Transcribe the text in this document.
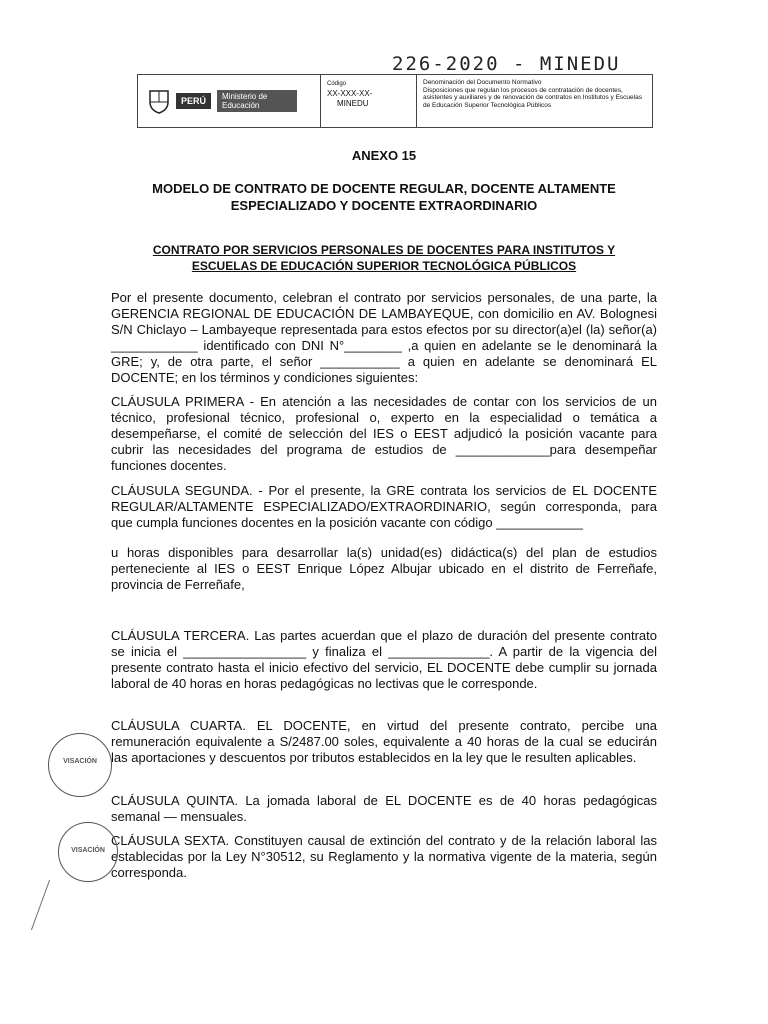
226-2020 - MINEDU
PERÚ	Ministerio de Educación
Código
XX-XXX-XX-
MINEDU
Denominación del Documento Normativo
Disposiciones que regulan los procesos de contratación de docentes, asistentes y auxiliares y de renovación de contratos en Institutos y Escuelas de Educación Superior Tecnológica Públicos
ANEXO 15
MODELO DE CONTRATO DE DOCENTE REGULAR, DOCENTE ALTAMENTE ESPECIALIZADO Y DOCENTE EXTRAORDINARIO
CONTRATO POR SERVICIOS PERSONALES DE DOCENTES PARA INSTITUTOS Y ESCUELAS DE EDUCACIÓN SUPERIOR TECNOLÓGICA PÚBLICOS
Por el presente documento, celebran el contrato por servicios personales, de una parte, la GERENCIA REGIONAL DE EDUCACIÓN DE LAMBAYEQUE, con domicilio en AV. Bolognesi S/N Chiclayo – Lambayeque representada para estos efectos por su director(a)el (la) señor(a) ____________ identificado con DNI N°________ ,a quien en adelante se le denominará la GRE; y, de otra parte, el señor ___________ a quien en adelante se denominará EL DOCENTE; en los términos y condiciones siguientes:
CLÁUSULA PRIMERA - En atención a las necesidades de contar con los servicios de un técnico, profesional técnico, profesional o, experto en la especialidad o temática a desempeñarse, el comité de selección del IES o EEST adjudicó la posición vacante para cubrir las necesidades del programa de estudios de _____________para desempeñar funciones docentes.
CLÁUSULA SEGUNDA. - Por el presente, la GRE contrata los servicios de EL DOCENTE REGULAR/ALTAMENTE ESPECIALIZADO/EXTRAORDINARIO, según corresponda, para que cumpla funciones docentes en la posición vacante con código ____________
u horas disponibles para desarrollar la(s) unidad(es) didáctica(s) del plan de estudios perteneciente al IES o EEST Enrique López Albujar ubicado en el distrito de Ferreñafe, provincia de Ferreñafe,
CLÁUSULA TERCERA. Las partes acuerdan que el plazo de duración del presente contrato se inicia el _________________ y finaliza el ______________. A partir de la vigencia del presente contrato hasta el inicio efectivo del servicio, EL DOCENTE debe cumplir su jornada laboral de 40 horas en horas pedagógicas no lectivas que le corresponde.
CLÁUSULA CUARTA. EL DOCENTE, en virtud del presente contrato, percibe una remuneración equivalente a S/2487.00 soles, equivalente a 40 horas de la cual se educirán las aportaciones y descuentos por tributos establecidos en la ley que le resulten aplicables.
CLÁUSULA QUINTA. La jomada laboral de EL DOCENTE es de 40 horas pedagógicas semanal — mensuales.
CLÁUSULA SEXTA. Constituyen causal de extinción del contrato y de la relación laboral las establecidas por la Ley N°30512, su Reglamento y la normativa vigente de la materia, según corresponda.
VISACIÓN
VISACIÓN
